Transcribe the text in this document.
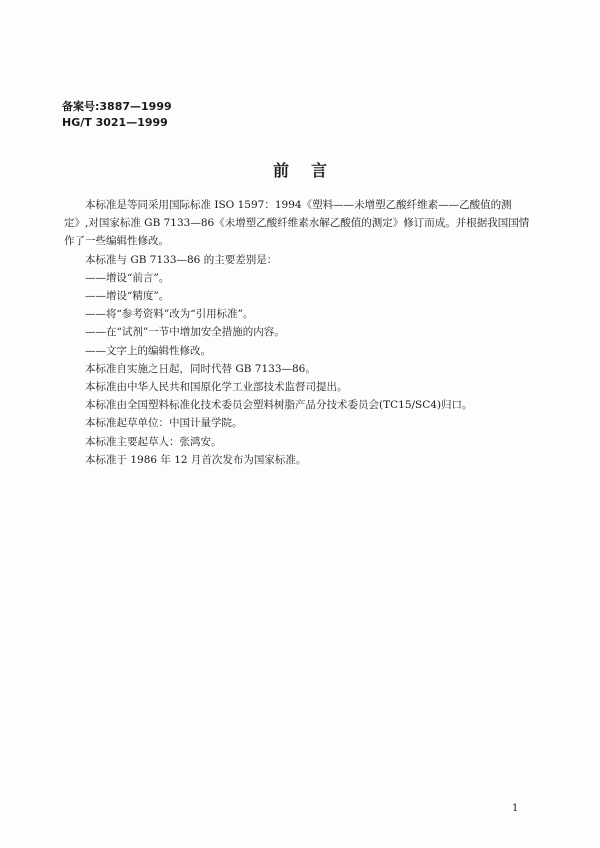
备案号:3887—1999
HG/T 3021—1999
前言

本标准是等同采用国际标准 ISO 1597：1994《塑料——未增塑乙酸纤维素——乙酸值的测定》,对国家标准 GB 7133—86《未增塑乙酸纤维素水解乙酸值的测定》修订而成。并根据我国国情作了一些编辑性修改。

本标准与 GB 7133—86 的主要差别是：

——增设“前言”。

——增设“精度”。

——将“参考资料”改为“引用标准”。

——在“试剂”一节中增加安全措施的内容。

——文字上的编辑性修改。

本标准自实施之日起，同时代替 GB 7133—86。

本标准由中华人民共和国原化学工业部技术监督司提出。

本标准由全国塑料标准化技术委员会塑料树脂产品分技术委员会(TC15/SC4)归口。

本标准起草单位：中国计量学院。

本标准主要起草人：张鸿安。

本标准于 1986 年 12 月首次发布为国家标准。

1
